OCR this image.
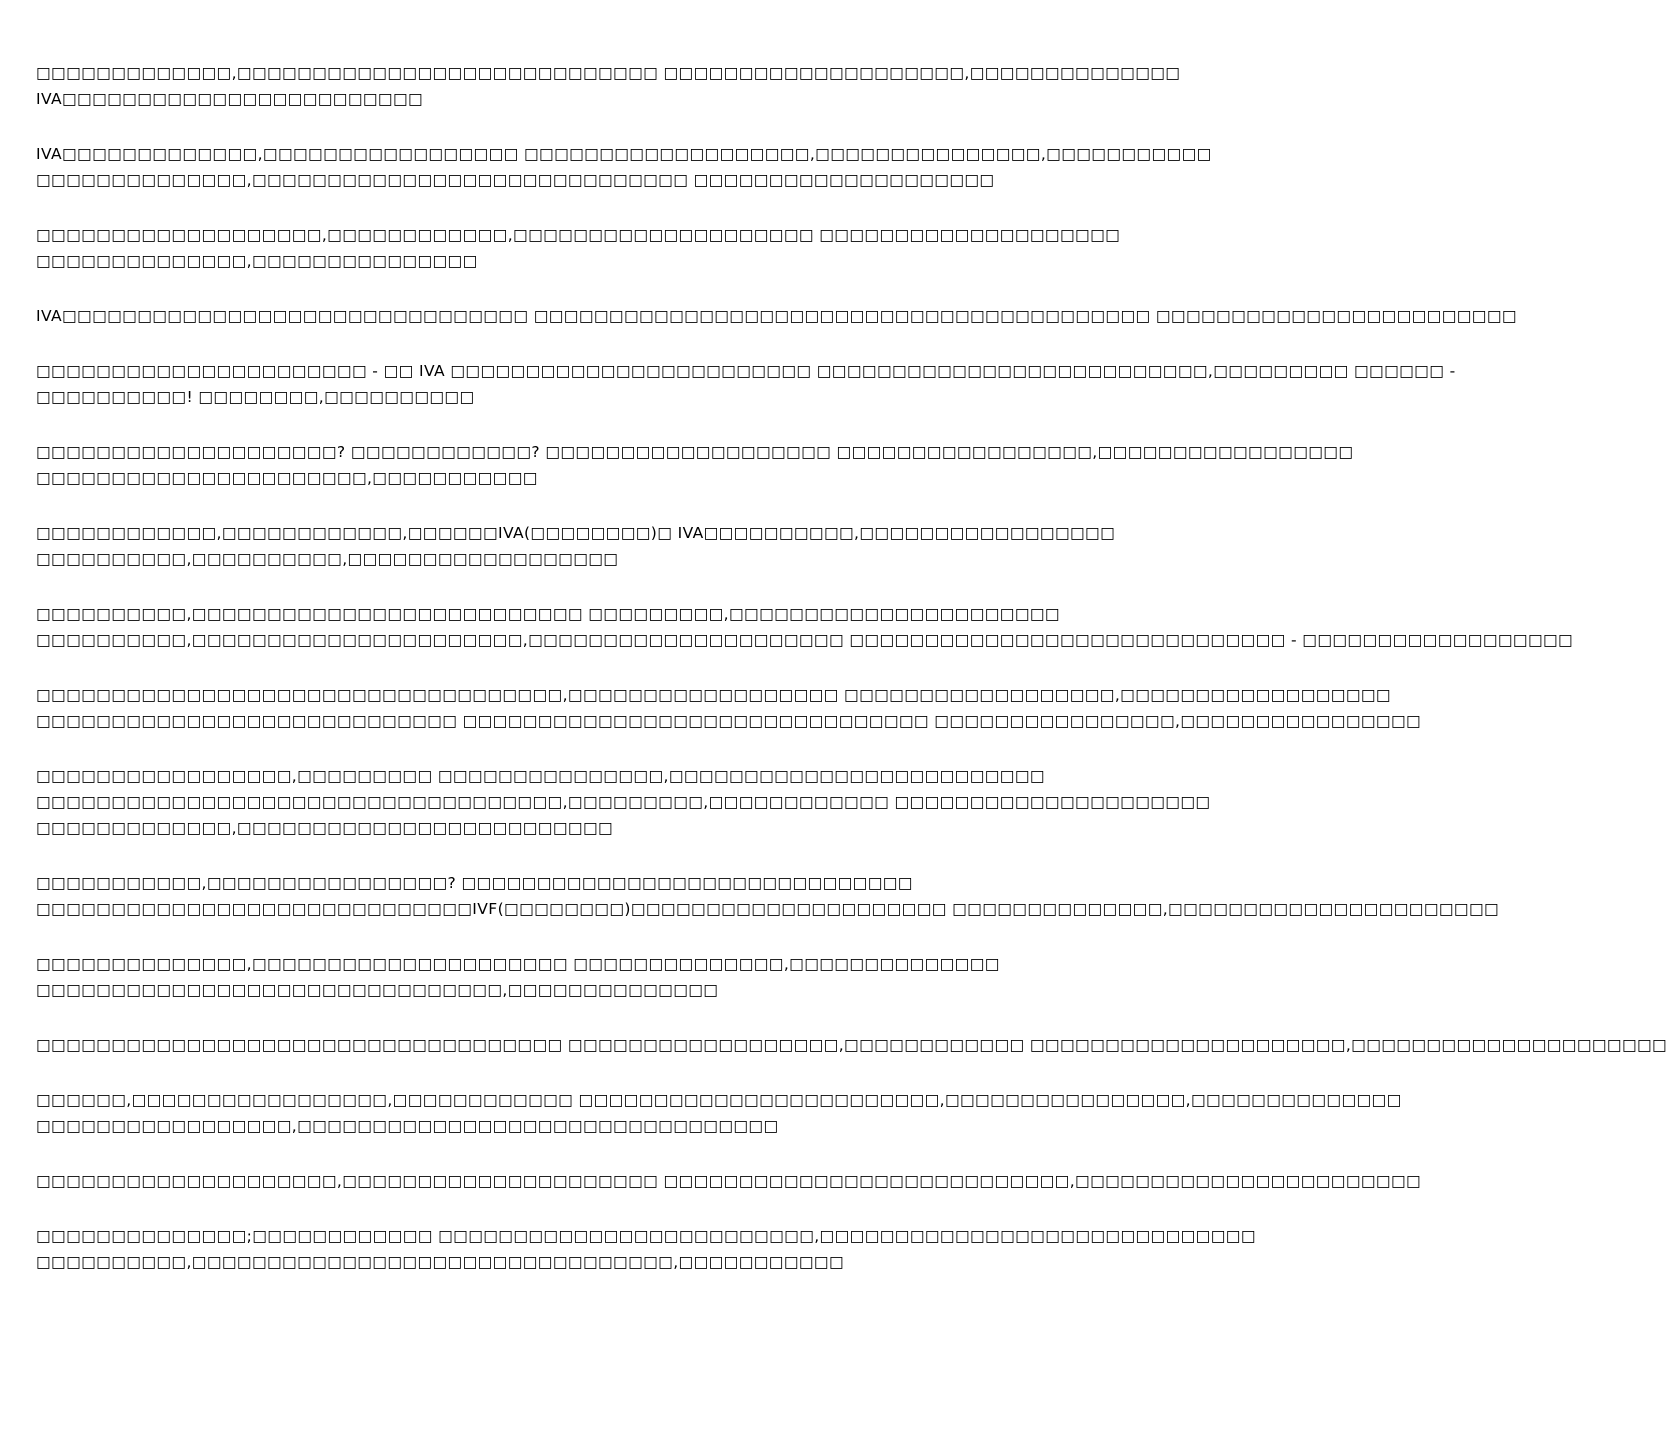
□□□□□□□□□□□□□,□□□□□□□□□□□□□□□□□□□□□□□□□□□□ □□□□□□□□□□□□□□□□□□□□,□□□□□□□□□□□□□□
IVA□□□□□□□□□□□□□□□□□□□□□□□□

IVA□□□□□□□□□□□□□,□□□□□□□□□□□□□□□□□ □□□□□□□□□□□□□□□□□□□,□□□□□□□□□□□□□□□,□□□□□□□□□□□
□□□□□□□□□□□□□□,□□□□□□□□□□□□□□□□□□□□□□□□□□□□□ □□□□□□□□□□□□□□□□□□□□

□□□□□□□□□□□□□□□□□□□,□□□□□□□□□□□□,□□□□□□□□□□□□□□□□□□□□ □□□□□□□□□□□□□□□□□□□□
□□□□□□□□□□□□□□,□□□□□□□□□□□□□□□

IVA□□□□□□□□□□□□□□□□□□□□□□□□□□□□□□□ □□□□□□□□□□□□□□□□□□□□□□□□□□□□□□□□□□□□□□□□□ □□□□□□□□□□□□□□□□□□□□□□□□

□□□□□□□□□□□□□□□□□□□□□□ - □□ IVA □□□□□□□□□□□□□□□□□□□□□□□□ □□□□□□□□□□□□□□□□□□□□□□□□□□,□□□□□□□□□ □□□□□□ -
□□□□□□□□□□! □□□□□□□□,□□□□□□□□□□

□□□□□□□□□□□□□□□□□□□□? □□□□□□□□□□□□? □□□□□□□□□□□□□□□□□□□ □□□□□□□□□□□□□□□□□,□□□□□□□□□□□□□□□□□
□□□□□□□□□□□□□□□□□□□□□□,□□□□□□□□□□□

□□□□□□□□□□□□,□□□□□□□□□□□□,□□□□□□IVA(□□□□□□□□)□ IVA□□□□□□□□□□,□□□□□□□□□□□□□□□□□
□□□□□□□□□□,□□□□□□□□□□,□□□□□□□□□□□□□□□□□□

□□□□□□□□□□,□□□□□□□□□□□□□□□□□□□□□□□□□□ □□□□□□□□□,□□□□□□□□□□□□□□□□□□□□□□
□□□□□□□□□□,□□□□□□□□□□□□□□□□□□□□□□,□□□□□□□□□□□□□□□□□□□□□ □□□□□□□□□□□□□□□□□□□□□□□□□□□□□ - □□□□□□□□□□□□□□□□□□

□□□□□□□□□□□□□□□□□□□□□□□□□□□□□□□□□□□,□□□□□□□□□□□□□□□□□□ □□□□□□□□□□□□□□□□□□,□□□□□□□□□□□□□□□□□□
□□□□□□□□□□□□□□□□□□□□□□□□□□□□ □□□□□□□□□□□□□□□□□□□□□□□□□□□□□□□ □□□□□□□□□□□□□□□□,□□□□□□□□□□□□□□□□

□□□□□□□□□□□□□□□□□,□□□□□□□□□ □□□□□□□□□□□□□□□,□□□□□□□□□□□□□□□□□□□□□□□□□
□□□□□□□□□□□□□□□□□□□□□□□□□□□□□□□□□□□,□□□□□□□□□,□□□□□□□□□□□□ □□□□□□□□□□□□□□□□□□□□□
□□□□□□□□□□□□□,□□□□□□□□□□□□□□□□□□□□□□□□□

□□□□□□□□□□□,□□□□□□□□□□□□□□□□? □□□□□□□□□□□□□□□□□□□□□□□□□□□□□□
□□□□□□□□□□□□□□□□□□□□□□□□□□□□□IVF(□□□□□□□□)□□□□□□□□□□□□□□□□□□□□□ □□□□□□□□□□□□□□,□□□□□□□□□□□□□□□□□□□□□□

□□□□□□□□□□□□□□,□□□□□□□□□□□□□□□□□□□□□ □□□□□□□□□□□□□□,□□□□□□□□□□□□□□
□□□□□□□□□□□□□□□□□□□□□□□□□□□□□□□,□□□□□□□□□□□□□□

□□□□□□□□□□□□□□□□□□□□□□□□□□□□□□□□□□□ □□□□□□□□□□□□□□□□□□,□□□□□□□□□□□□ □□□□□□□□□□□□□□□□□□□□□,□□□□□□□□□□□□□□□□□□□□□

□□□□□□,□□□□□□□□□□□□□□□□□,□□□□□□□□□□□□ □□□□□□□□□□□□□□□□□□□□□□□□,□□□□□□□□□□□□□□□□,□□□□□□□□□□□□□□
□□□□□□□□□□□□□□□□□,□□□□□□□□□□□□□□□□□□□□□□□□□□□□□□□□

□□□□□□□□□□□□□□□□□□□□,□□□□□□□□□□□□□□□□□□□□□ □□□□□□□□□□□□□□□□□□□□□□□□□□□,□□□□□□□□□□□□□□□□□□□□□□□

□□□□□□□□□□□□□□;□□□□□□□□□□□□ □□□□□□□□□□□□□□□□□□□□□□□□□,□□□□□□□□□□□□□□□□□□□□□□□□□□□□□
□□□□□□□□□□,□□□□□□□□□□□□□□□□□□□□□□□□□□□□□□□□,□□□□□□□□□□□
